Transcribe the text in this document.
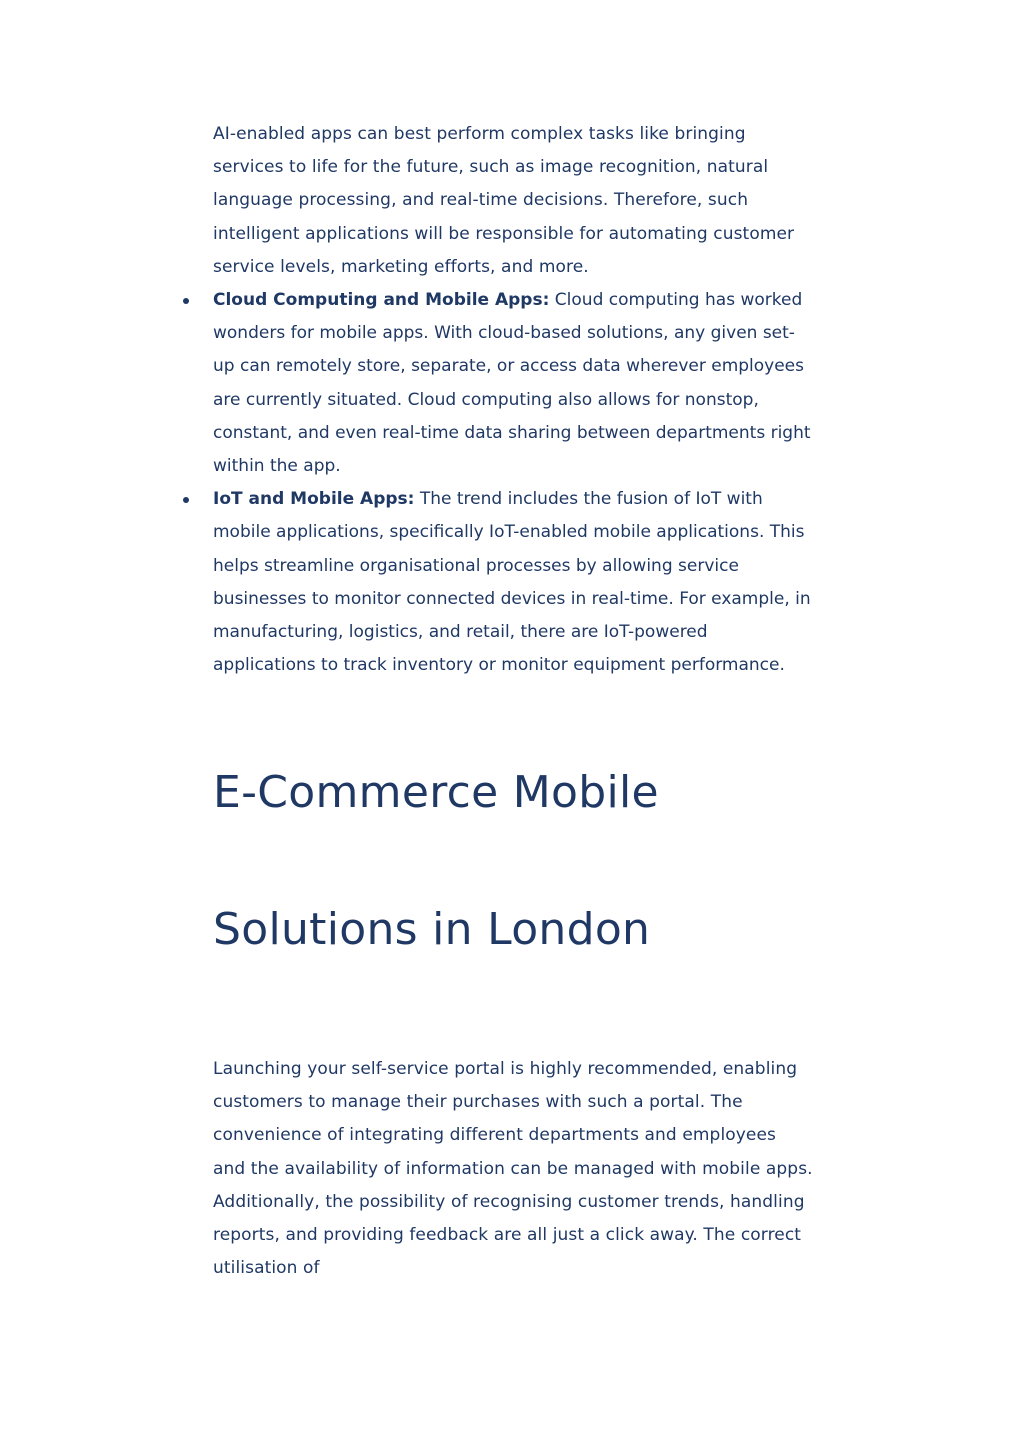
AI-enabled apps can best perform complex tasks like bringing services to life for the future, such as image recognition, natural language processing, and real-time decisions. Therefore, such intelligent applications will be responsible for automating customer service levels, marketing efforts, and more.

Cloud Computing and Mobile Apps: Cloud computing has worked wonders for mobile apps. With cloud-based solutions, any given set-up can remotely store, separate, or access data wherever employees are currently situated. Cloud computing also allows for nonstop, constant, and even real-time data sharing between departments right within the app.
IoT and Mobile Apps: The trend includes the fusion of IoT with mobile applications, specifically IoT-enabled mobile applications. This helps streamline organisational processes by allowing service businesses to monitor connected devices in real-time. For example, in manufacturing, logistics, and retail, there are IoT-powered applications to track inventory or monitor equipment performance.
E-Commerce Mobile
Solutions in London

Launching your self-service portal is highly recommended, enabling customers to manage their purchases with such a portal. The convenience of integrating different departments and employees and the availability of information can be managed with mobile apps. Additionally, the possibility of recognising customer trends, handling reports, and providing feedback are all just a click away. The correct utilisation of
